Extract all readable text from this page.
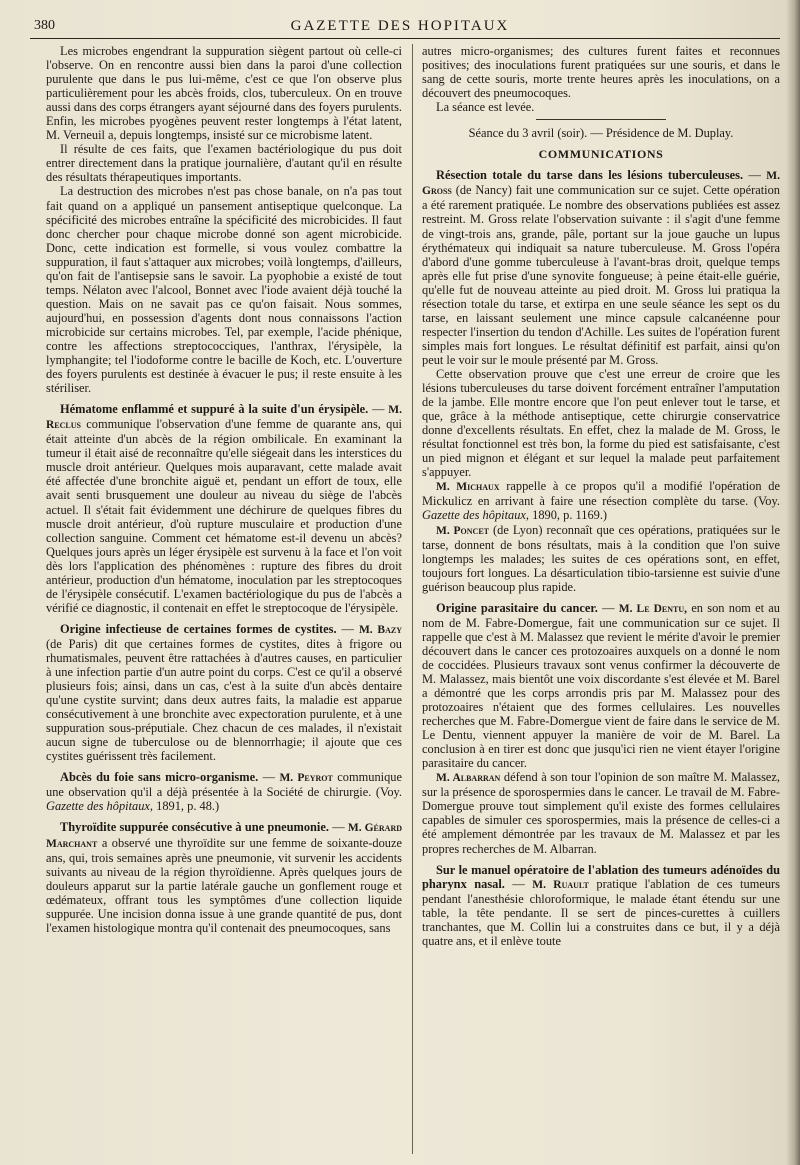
380	GAZETTE DES HOPITAUX

Les microbes engendrant la suppuration siègent partout où celle-ci l'observe. On en rencontre aussi bien dans la paroi d'une collection purulente que dans le pus lui-même, c'est ce que l'on observe plus particulièrement pour les abcès froids, clos, tuberculeux. On en trouve aussi dans des corps étrangers ayant séjourné dans des foyers purulents. Enfin, les microbes pyogènes peuvent rester longtemps à l'état latent, M. Verneuil a, depuis longtemps, insisté sur ce microbisme latent.

Il résulte de ces faits, que l'examen bactériologique du pus doit entrer directement dans la pratique journalière, d'autant qu'il en résulte des résultats thérapeutiques importants.

La destruction des microbes n'est pas chose banale, on n'a pas tout fait quand on a appliqué un pansement antiseptique quelconque. La spécificité des microbes entraîne la spécificité des microbicides. Il faut donc chercher pour chaque microbe donné son agent microbicide. Donc, cette indication est formelle, si vous voulez combattre la suppuration, il faut s'attaquer aux microbes; voilà longtemps, d'ailleurs, qu'on fait de l'antisepsie sans le savoir. La pyophobie a existé de tout temps. Nélaton avec l'alcool, Bonnet avec l'iode avaient déjà touché la question. Mais on ne savait pas ce qu'on faisait. Nous sommes, aujourd'hui, en possession d'agents dont nous connaissons l'action microbicide sur certains microbes. Tel, par exemple, l'acide phénique, contre les affections streptococciques, l'anthrax, l'érysipèle, la lymphangite; tel l'iodoforme contre le bacille de Koch, etc. L'ouverture des foyers purulents est destinée à évacuer le pus; il reste ensuite à les stériliser.

Hématome enflammé et suppuré à la suite d'un érysipèle. — M. Reclus communique l'observation d'une femme de quarante ans, qui était atteinte d'un abcès de la région ombilicale. En examinant la tumeur il était aisé de reconnaître qu'elle siégeait dans les interstices du muscle droit antérieur. Quelques mois auparavant, cette malade avait été affectée d'une bronchite aiguë et, pendant un effort de toux, elle avait senti brusquement une douleur au niveau du siège de l'abcès actuel. Il s'était fait évidemment une déchirure de quelques fibres du muscle droit antérieur, d'où rupture musculaire et production d'une collection sanguine. Comment cet hématome est-il devenu un abcès? Quelques jours après un léger érysipèle est survenu à la face et l'on voit dès lors l'application des phénomènes : rupture des fibres du droit antérieur, production d'un hématome, inoculation par les streptocoques de l'érysipèle consécutif. L'examen bactériologique du pus de l'abcès a vérifié ce diagnostic, il contenait en effet le streptocoque de l'érysipèle.

Origine infectieuse de certaines formes de cystites. — M. Bazy (de Paris) dit que certaines formes de cystites, dites à frigore ou rhumatismales, peuvent être rattachées à d'autres causes, en particulier à une infection partie d'un autre point du corps. C'est ce qu'il a observé plusieurs fois; ainsi, dans un cas, c'est à la suite d'un abcès dentaire qu'une cystite survint; dans deux autres faits, la maladie est apparue consécutivement à une bronchite avec expectoration purulente, et à une suppuration sous-préputiale. Chez chacun de ces malades, il n'existait aucun signe de tuberculose ou de blennorrhagie; il ajoute que ces cystites guérissent très facilement.

Abcès du foie sans micro-organisme. — M. Peyrot communique une observation qu'il a déjà présentée à la Société de chirurgie. (Voy. Gazette des hôpitaux, 1891, p. 48.)

Thyroïdite suppurée consécutive à une pneumonie. — M. Gérard Marchant a observé une thyroïdite sur une femme de soixante-douze ans, qui, trois semaines après une pneumonie, vit survenir les accidents suivants au niveau de la région thyroïdienne. Après quelques jours de douleurs apparut sur la partie latérale gauche un gonflement rouge et œdémateux, offrant tous les symptômes d'une collection liquide suppurée. Une incision donna issue à une grande quantité de pus, dont l'examen histologique montra qu'il contenait des pneumocoques, sans

autres micro-organismes; des cultures furent faites et reconnues positives; des inoculations furent pratiquées sur une souris, et dans le sang de cette souris, morte trente heures après les inoculations, on a découvert des pneumocoques.

La séance est levée.

Séance du 3 avril (soir). — Présidence de M. Duplay.

COMMUNICATIONS

Résection totale du tarse dans les lésions tuberculeuses. — M. Gross (de Nancy) fait une communication sur ce sujet. Cette opération a été rarement pratiquée. Le nombre des observations publiées est assez restreint. M. Gross relate l'observation suivante : il s'agit d'une femme de vingt-trois ans, grande, pâle, portant sur la joue gauche un lupus érythémateux qui indiquait sa nature tuberculeuse. M. Gross l'opéra d'abord d'une gomme tuberculeuse à l'avant-bras droit, quelque temps après elle fut prise d'une synovite fongueuse; à peine était-elle guérie, qu'elle fut de nouveau atteinte au pied droit. M. Gross lui pratiqua la résection totale du tarse, et extirpa en une seule séance les sept os du tarse, en laissant seulement une mince capsule calcanéenne pour respecter l'insertion du tendon d'Achille. Les suites de l'opération furent simples mais fort longues. Le résultat définitif est parfait, ainsi qu'on peut le voir sur le moule présenté par M. Gross.

Cette observation prouve que c'est une erreur de croire que les lésions tuberculeuses du tarse doivent forcément entraîner l'amputation de la jambe. Elle montre encore que l'on peut enlever tout le tarse, et que, grâce à la méthode antiseptique, cette chirurgie conservatrice donne d'excellents résultats. En effet, chez la malade de M. Gross, le résultat fonctionnel est très bon, la forme du pied est satisfaisante, c'est un pied mignon et élégant et sur lequel la malade peut parfaitement s'appuyer.

M. Michaux rappelle à ce propos qu'il a modifié l'opération de Mickulicz en arrivant à faire une résection complète du tarse. (Voy. Gazette des hôpitaux, 1890, p. 1169.)

M. Poncet (de Lyon) reconnaît que ces opérations, pratiquées sur le tarse, donnent de bons résultats, mais à la condition que l'on suive longtemps les malades; les suites de ces opérations sont, en effet, toujours fort longues. La désarticulation tibio-tarsienne est suivie d'une guérison beaucoup plus rapide.

Origine parasitaire du cancer. — M. Le Dentu, en son nom et au nom de M. Fabre-Domergue, fait une communication sur ce sujet. Il rappelle que c'est à M. Malassez que revient le mérite d'avoir le premier découvert dans le cancer ces protozoaires auxquels on a donné le nom de coccidées. Plusieurs travaux sont venus confirmer la découverte de M. Malassez, mais bientôt une voix discordante s'est élevée et M. Barel a démontré que les corps arrondis pris par M. Malassez pour des protozoaires n'étaient que des formes cellulaires. Les nouvelles recherches que M. Fabre-Domergue vient de faire dans le service de M. Le Dentu, viennent appuyer la manière de voir de M. Barel. La conclusion à en tirer est donc que jusqu'ici rien ne vient étayer l'origine parasitaire du cancer.

M. Albarran défend à son tour l'opinion de son maître M. Malassez, sur la présence de sporospermies dans le cancer. Le travail de M. Fabre-Domergue prouve tout simplement qu'il existe des formes cellulaires capables de simuler ces sporospermies, mais la présence de celles-ci a été amplement démontrée par les travaux de M. Malassez et par les propres recherches de M. Albarran.

Sur le manuel opératoire de l'ablation des tumeurs adénoïdes du pharynx nasal. — M. Ruault pratique l'ablation de ces tumeurs pendant l'anesthésie chloroformique, le malade étant étendu sur une table, la tête pendante. Il se sert de pinces-curettes à cuillers tranchantes, que M. Collin lui a construites dans ce but, il y a déjà quatre ans, et il enlève toute
